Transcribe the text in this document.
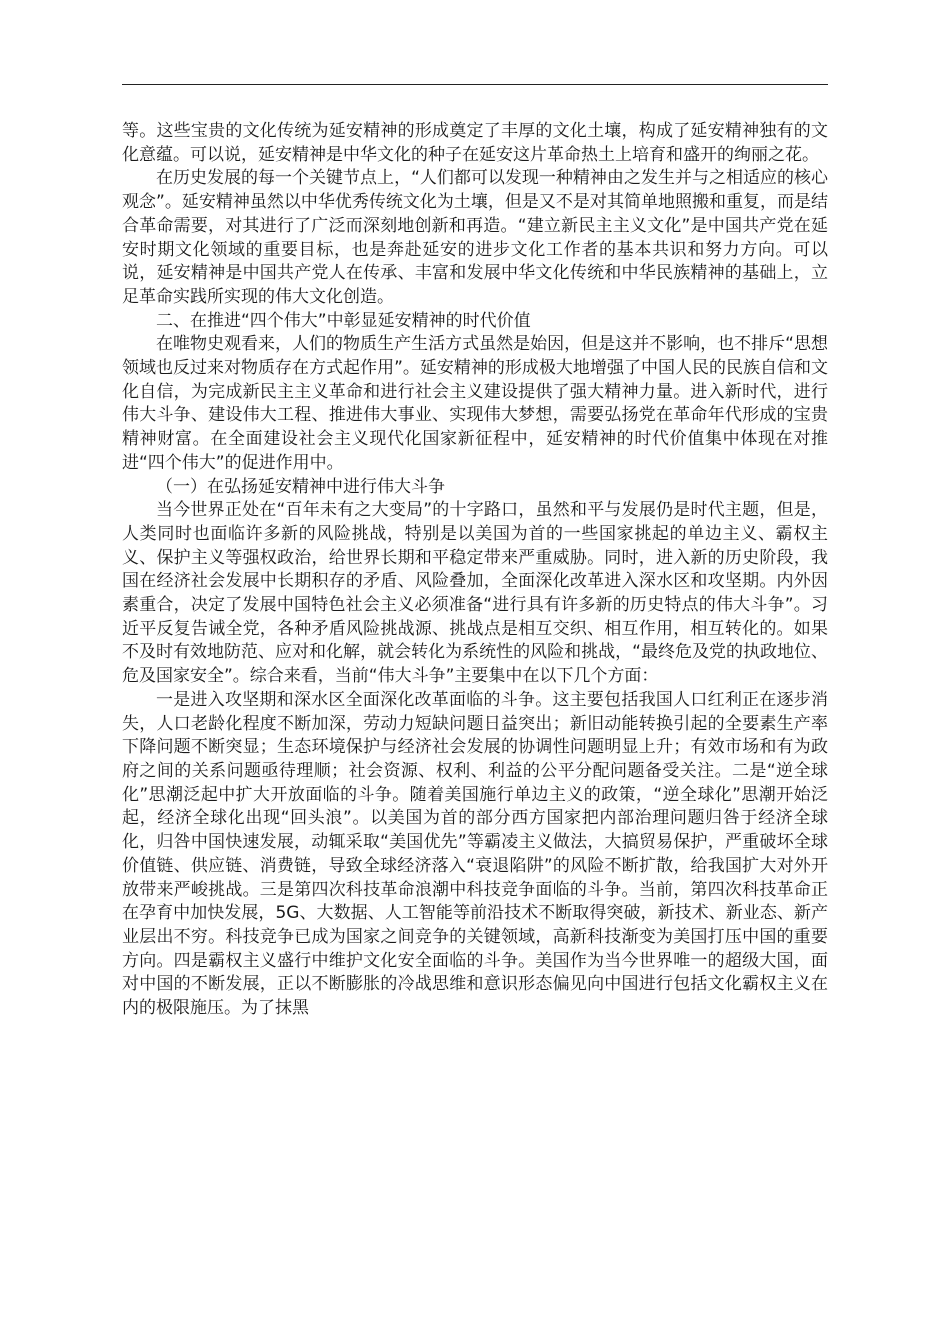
等。这些宝贵的文化传统为延安精神的形成奠定了丰厚的文化土壤，构成了延安精神独有的文化意蕴。可以说，延安精神是中华文化的种子在延安这片革命热土上培育和盛开的绚丽之花。

在历史发展的每一个关键节点上，“人们都可以发现一种精神由之发生并与之相适应的核心观念”。延安精神虽然以中华优秀传统文化为土壤，但是又不是对其简单地照搬和重复，而是结合革命需要，对其进行了广泛而深刻地创新和再造。“建立新民主主义文化”是中国共产党在延安时期文化领域的重要目标，也是奔赴延安的进步文化工作者的基本共识和努力方向。可以说，延安精神是中国共产党人在传承、丰富和发展中华文化传统和中华民族精神的基础上，立足革命实践所实现的伟大文化创造。

二、在推进“四个伟大”中彰显延安精神的时代价值

在唯物史观看来，人们的物质生产生活方式虽然是始因，但是这并不影响，也不排斥“思想领域也反过来对物质存在方式起作用”。延安精神的形成极大地增强了中国人民的民族自信和文化自信，为完成新民主主义革命和进行社会主义建设提供了强大精神力量。进入新时代，进行伟大斗争、建设伟大工程、推进伟大事业、实现伟大梦想，需要弘扬党在革命年代形成的宝贵精神财富。在全面建设社会主义现代化国家新征程中，延安精神的时代价值集中体现在对推进“四个伟大”的促进作用中。

（一）在弘扬延安精神中进行伟大斗争

当今世界正处在“百年未有之大变局”的十字路口，虽然和平与发展仍是时代主题，但是，人类同时也面临许多新的风险挑战，特别是以美国为首的一些国家挑起的单边主义、霸权主义、保护主义等强权政治，给世界长期和平稳定带来严重威胁。同时，进入新的历史阶段，我国在经济社会发展中长期积存的矛盾、风险叠加，全面深化改革进入深水区和攻坚期。内外因素重合，决定了发展中国特色社会主义必须准备“进行具有许多新的历史特点的伟大斗争”。习近平反复告诫全党，各种矛盾风险挑战源、挑战点是相互交织、相互作用，相互转化的。如果不及时有效地防范、应对和化解，就会转化为系统性的风险和挑战，“最终危及党的执政地位、危及国家安全”。综合来看，当前“伟大斗争”主要集中在以下几个方面：

一是进入攻坚期和深水区全面深化改革面临的斗争。这主要包括我国人口红利正在逐步消失，人口老龄化程度不断加深，劳动力短缺问题日益突出；新旧动能转换引起的全要素生产率下降问题不断突显；生态环境保护与经济社会发展的协调性问题明显上升；有效市场和有为政府之间的关系问题亟待理顺；社会资源、权利、利益的公平分配问题备受关注。二是“逆全球化”思潮泛起中扩大开放面临的斗争。随着美国施行单边主义的政策，“逆全球化”思潮开始泛起，经济全球化出现“回头浪”。以美国为首的部分西方国家把内部治理问题归咎于经济全球化，归咎中国快速发展，动辄采取“美国优先”等霸凌主义做法，大搞贸易保护，严重破坏全球价值链、供应链、消费链，导致全球经济落入“衰退陷阱”的风险不断扩散，给我国扩大对外开放带来严峻挑战。三是第四次科技革命浪潮中科技竞争面临的斗争。当前，第四次科技革命正在孕育中加快发展，5G、大数据、人工智能等前沿技术不断取得突破，新技术、新业态、新产业层出不穷。科技竞争已成为国家之间竞争的关键领域，高新科技渐变为美国打压中国的重要方向。四是霸权主义盛行中维护文化安全面临的斗争。美国作为当今世界唯一的超级大国，面对中国的不断发展，正以不断膨胀的冷战思维和意识形态偏见向中国进行包括文化霸权主义在内的极限施压。为了抹黑
